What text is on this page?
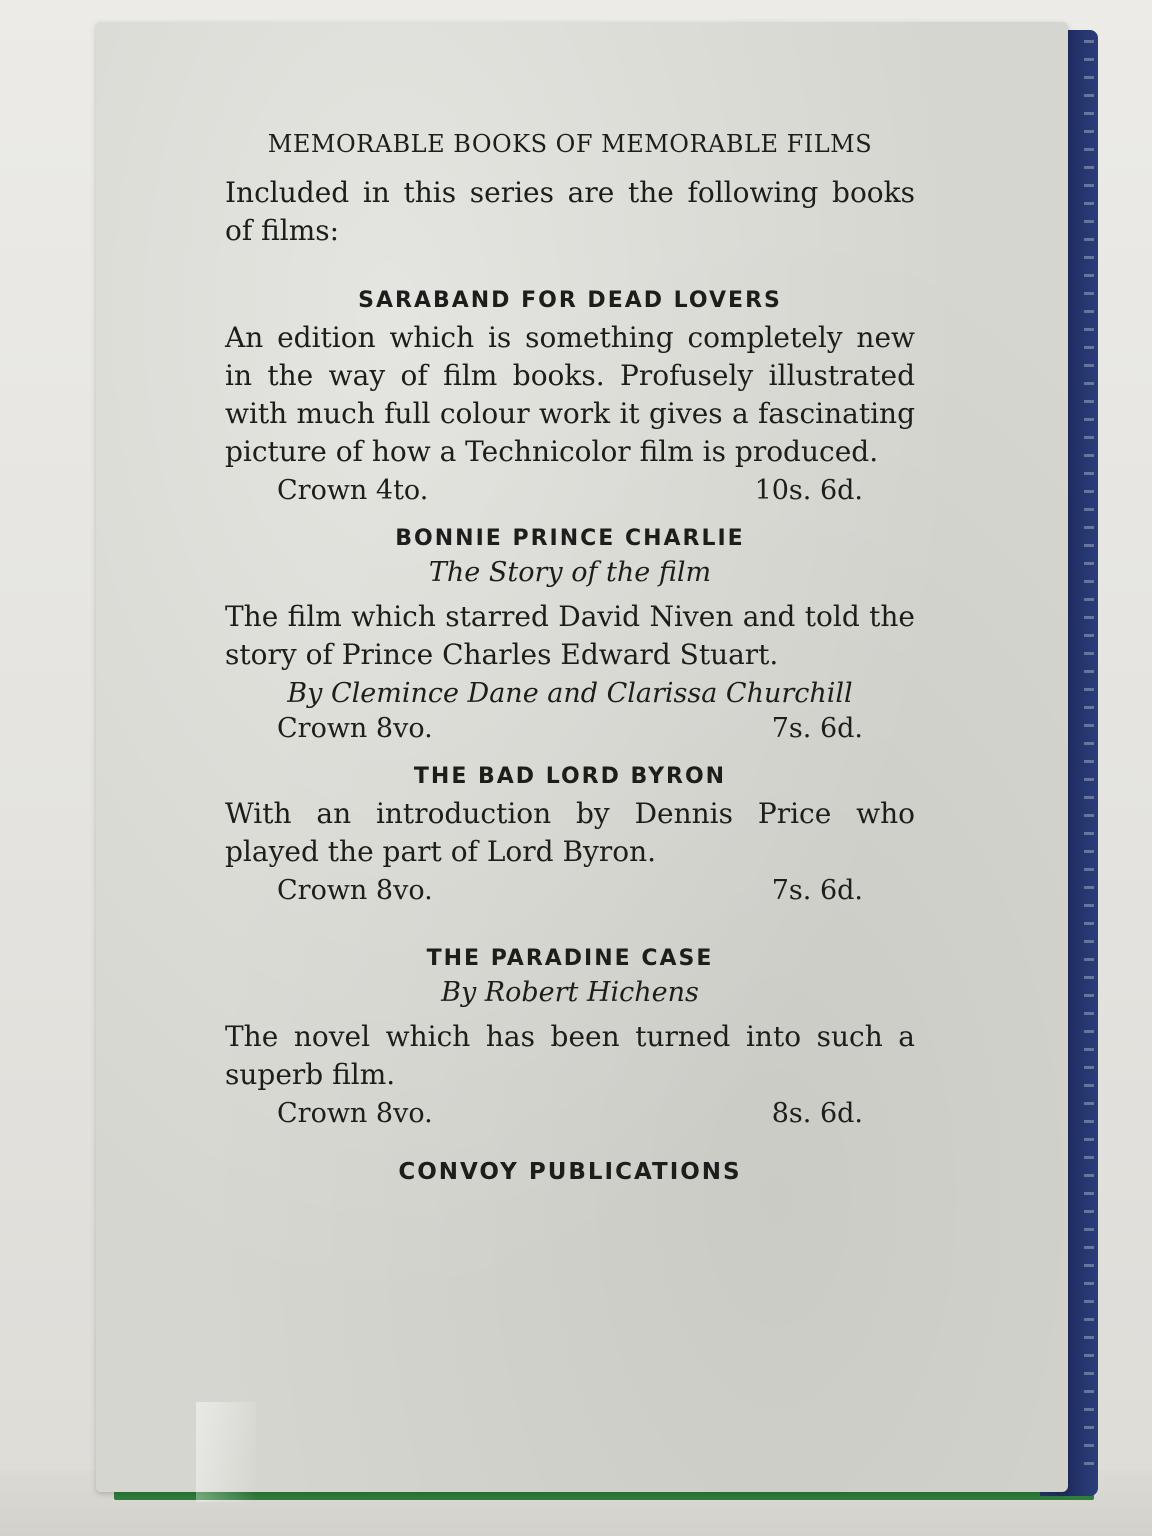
MEMORABLE BOOKS OF MEMORABLE FILMS
Included in this series are the following books of films:
SARABAND FOR DEAD LOVERS
An edition which is something completely new in the way of film books. Profusely illustrated with much full colour work it gives a fascinating picture of how a Technicolor film is produced.
Crown 4to.	10s. 6d.
BONNIE PRINCE CHARLIE
The Story of the film
The film which starred David Niven and told the story of Prince Charles Edward Stuart.
By Clemince Dane and Clarissa Churchill
Crown 8vo.	7s. 6d.
THE BAD LORD BYRON
With an introduction by Dennis Price who played the part of Lord Byron.
Crown 8vo.	7s. 6d.
THE PARADINE CASE
By Robert Hichens
The novel which has been turned into such a superb film.
Crown 8vo.	8s. 6d.
CONVOY PUBLICATIONS
